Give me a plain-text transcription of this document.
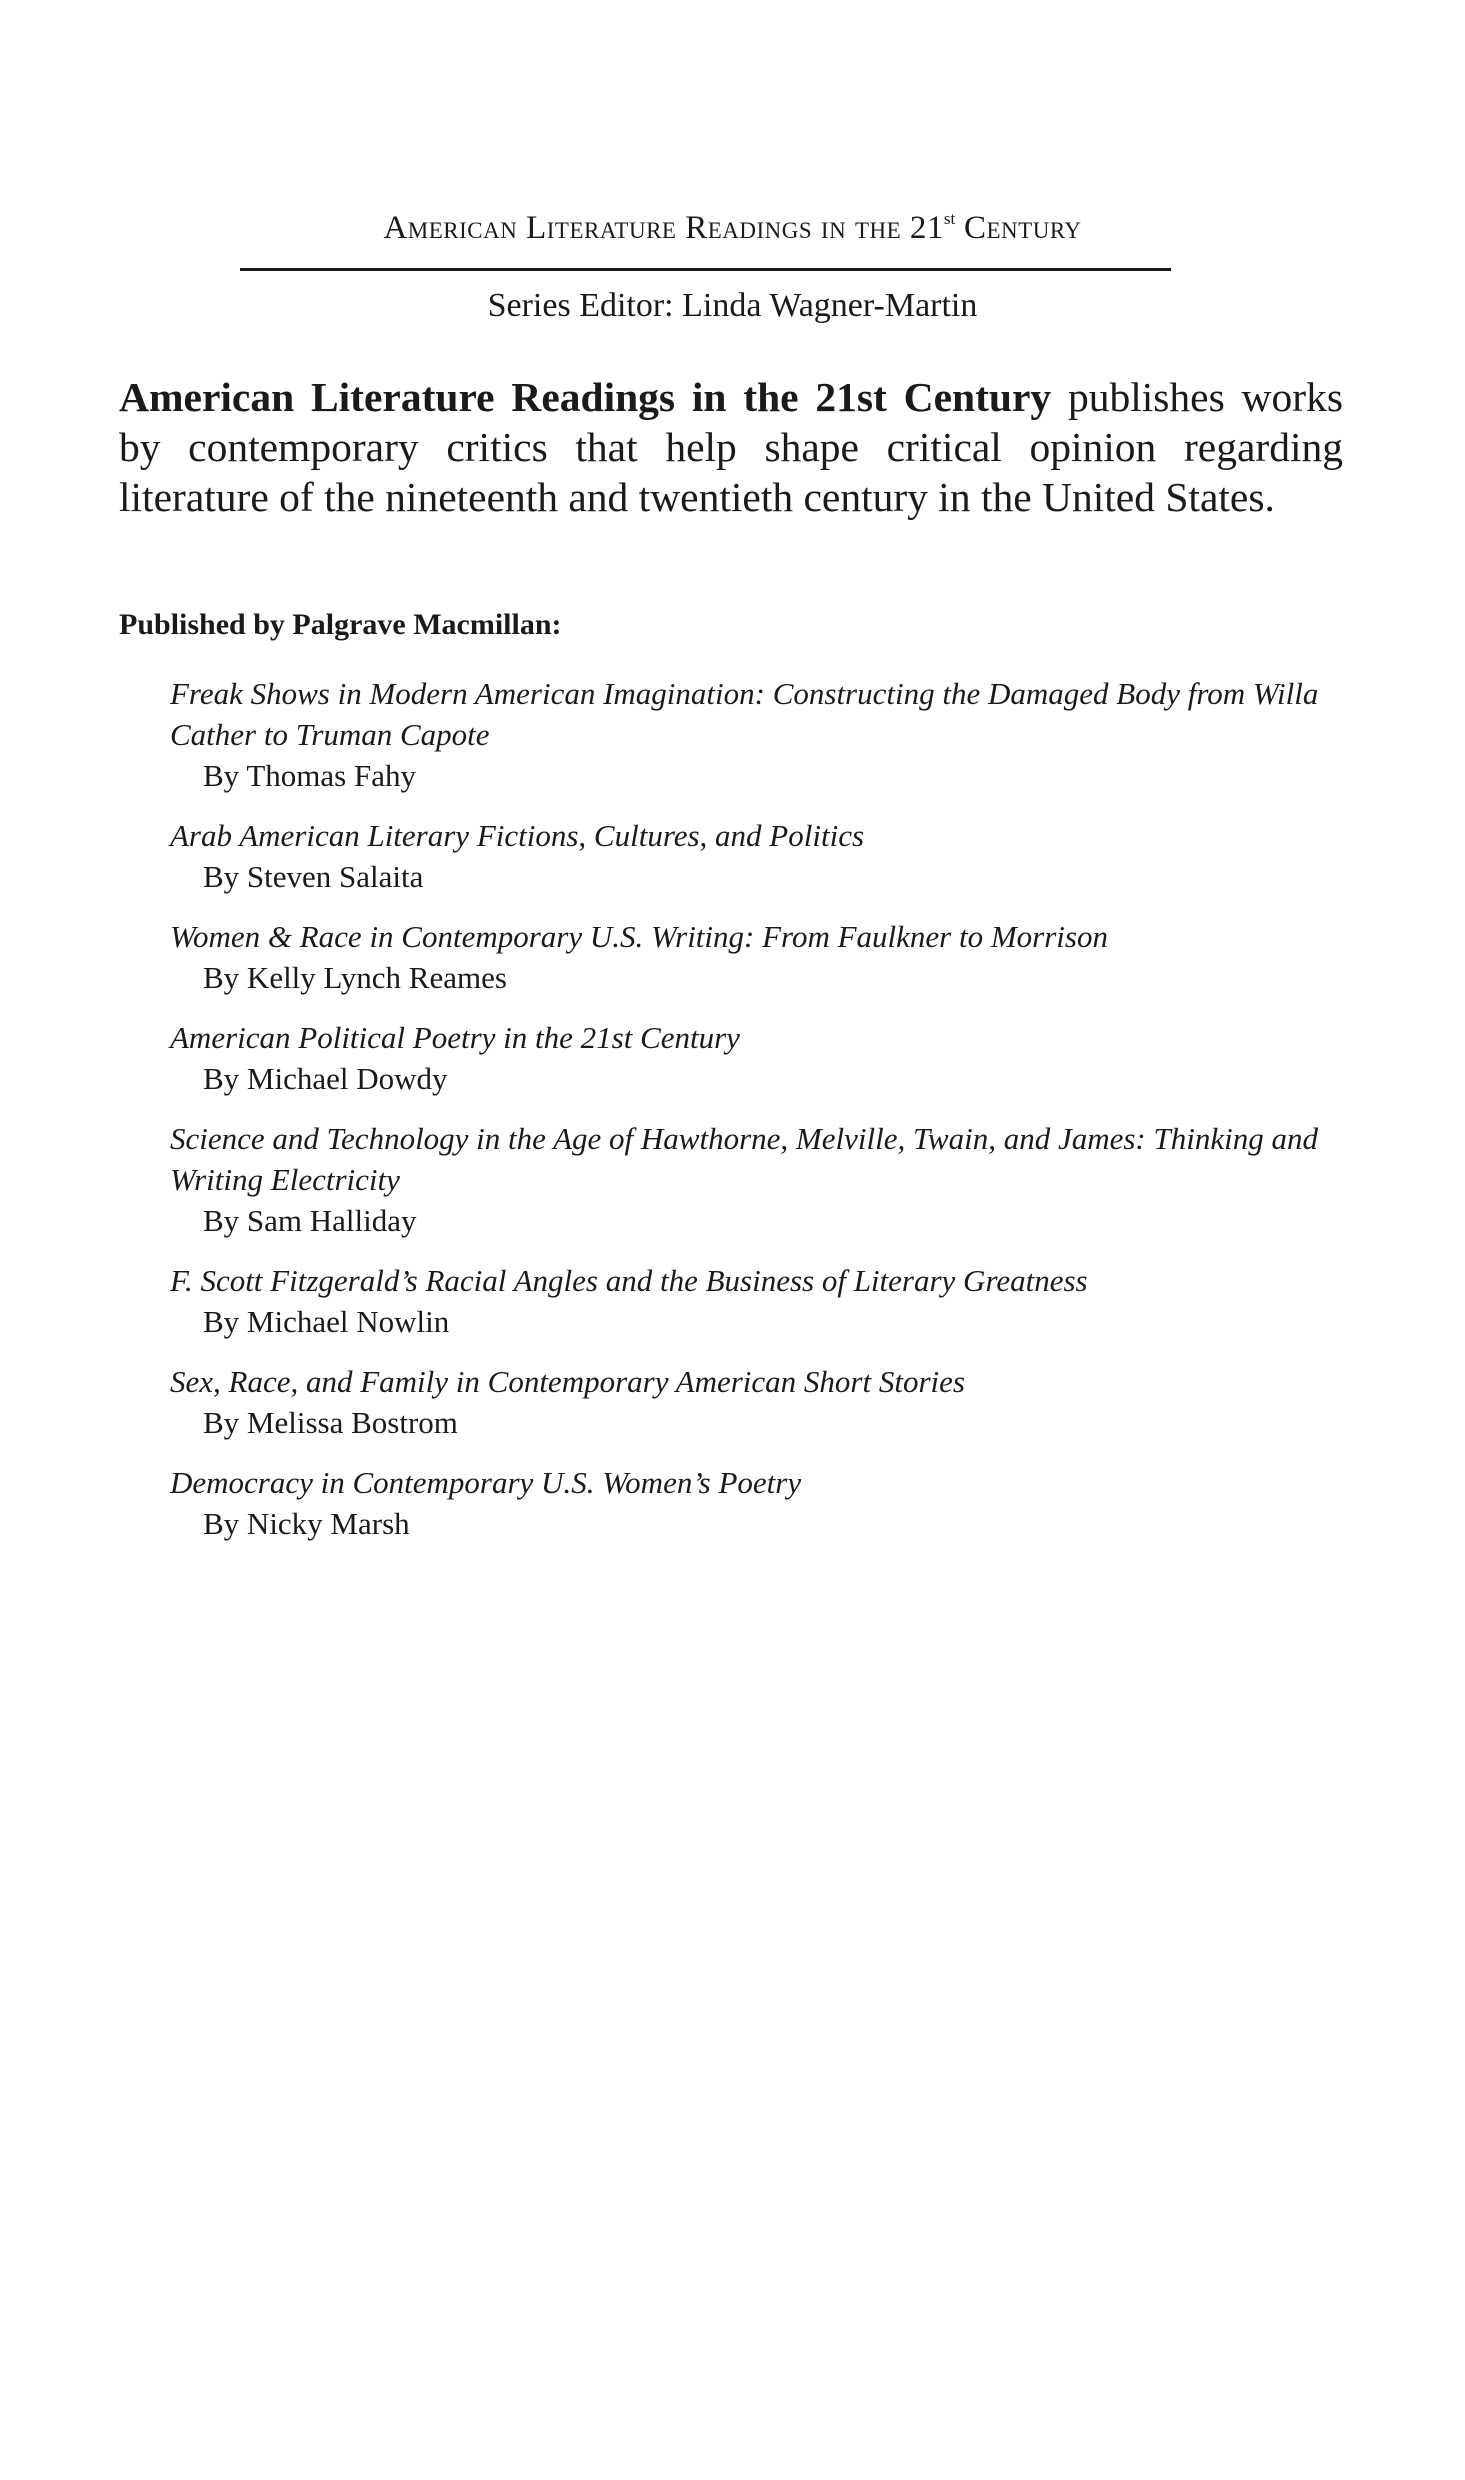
American Literature Readings in the 21st Century
Series Editor: Linda Wagner-Martin

American Literature Readings in the 21st Century publishes works by contemporary critics that help shape critical opinion regarding literature of the nineteenth and twentieth century in the United States.

Published by Palgrave Macmillan:
Freak Shows in Modern American Imagination: Constructing the Damaged Body from Willa Cather to Truman Capote
By Thomas Fahy
Arab American Literary Fictions, Cultures, and Politics
By Steven Salaita
Women & Race in Contemporary U.S. Writing: From Faulkner to Morrison
By Kelly Lynch Reames
American Political Poetry in the 21st Century
By Michael Dowdy
Science and Technology in the Age of Hawthorne, Melville, Twain, and James: Thinking and Writing Electricity
By Sam Halliday
F. Scott Fitzgerald’s Racial Angles and the Business of Literary Greatness
By Michael Nowlin
Sex, Race, and Family in Contemporary American Short Stories
By Melissa Bostrom
Democracy in Contemporary U.S. Women’s Poetry
By Nicky Marsh
